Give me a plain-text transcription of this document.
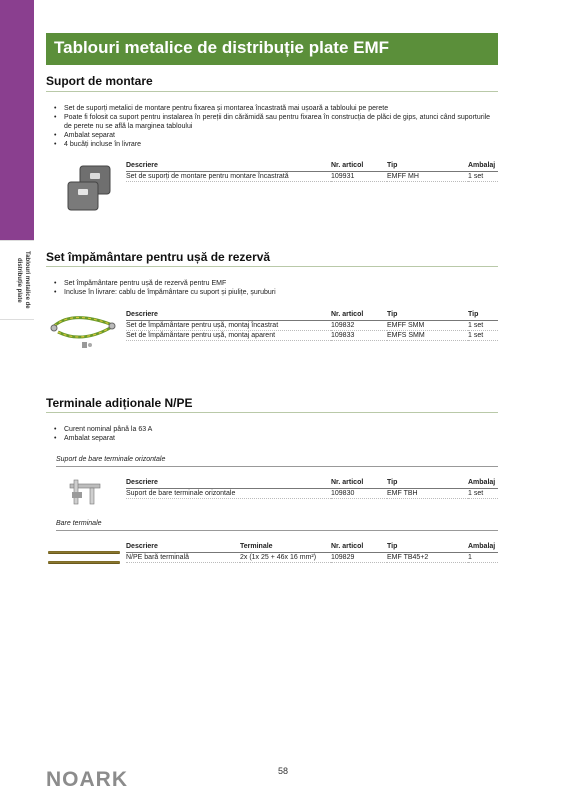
Tablouri metalice de distribuție plate
Tablouri metalice de distribuție plate EMF
Suport de montare
• Set de suporți metalici de montare pentru fixarea și montarea încastrată mai ușoară a tabloului pe perete
• Poate fi folosit ca suport pentru instalarea în pereții din cărămidă sau pentru fixarea în construcția de plăci de gips, atunci când suporturile de perete nu se află la marginea tabloului
• Ambalat separat
• 4 bucăți incluse în livrare
Descriere	Nr. articol	Tip	Ambalaj
Set de suporți de montare pentru montare încastrată	109931	EMFF MH	1 set
Set împământare pentru ușă de rezervă
• Set împământare pentru ușă de rezervă pentru EMF
• Incluse în livrare: cablu de împământare cu suport și piulițe, șuruburi
Descriere	Nr. articol	Tip	Tip
Set de împământare pentru ușă, montaj încastrat	109832	EMFF SMM	1 set
Set de împământare pentru ușă, montaj aparent	109833	EMFS SMM	1 set
Terminale adiționale N/PE
• Curent nominal până la 63 A
• Ambalat separat
Suport de bare terminale orizontale
Descriere	Nr. articol	Tip	Ambalaj
Suport de bare terminale orizontale	109830	EMF TBH	1 set
Bare terminale
Descriere	Terminale	Nr. articol	Tip	Ambalaj
N/PE bară terminală	2x (1x 25 + 46x 16 mm²)	109829	EMF TB45+2	1
NOARK	58
